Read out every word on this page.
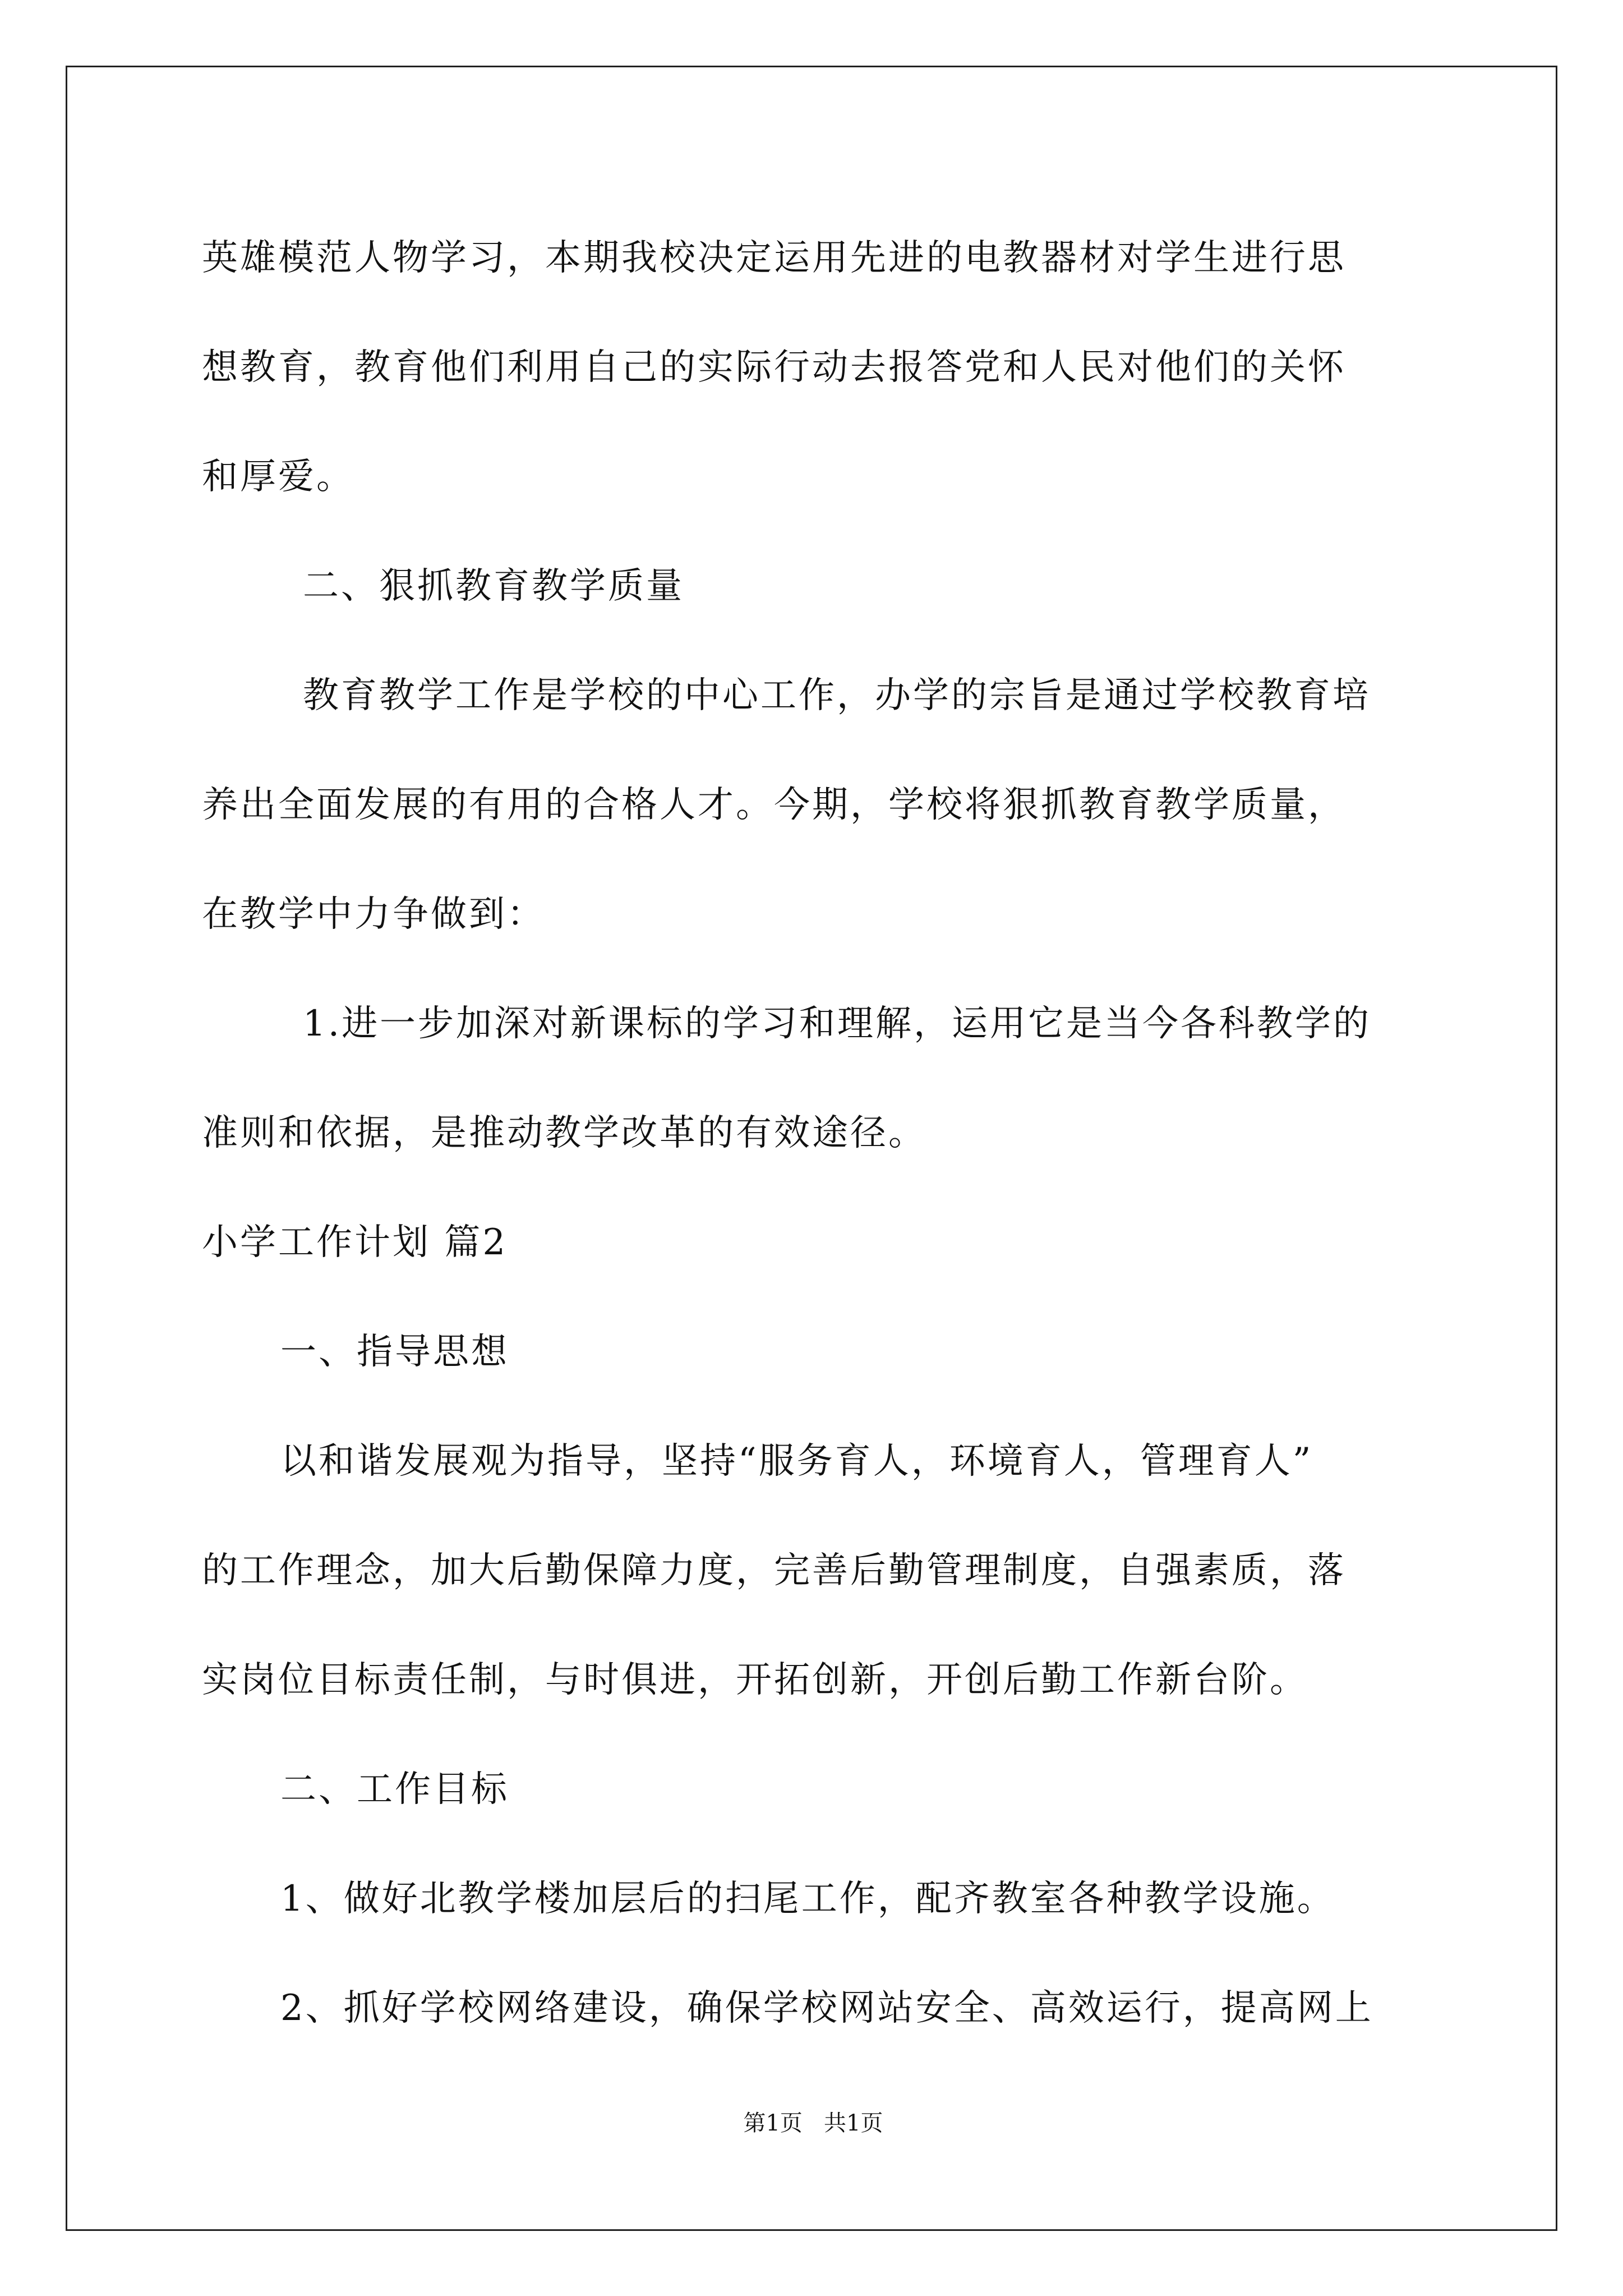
英雄模范人物学习，本期我校决定运用先进的电教器材对学生进行思
想教育，教育他们利用自己的实际行动去报答党和人民对他们的关怀
和厚爱。
二、狠抓教育教学质量
教育教学工作是学校的中心工作，办学的宗旨是通过学校教育培
养出全面发展的有用的合格人才。今期，学校将狠抓教育教学质量，
在教学中力争做到：
1.进一步加深对新课标的学习和理解，运用它是当今各科教学的
准则和依据，是推动教学改革的有效途径。
小学工作计划 篇2
一、指导思想
以和谐发展观为指导，坚持“服务育人，环境育人，管理育人”
的工作理念，加大后勤保障力度，完善后勤管理制度，自强素质，落
实岗位目标责任制，与时俱进，开拓创新，开创后勤工作新台阶。
二、工作目标
1、做好北教学楼加层后的扫尾工作，配齐教室各种教学设施。
2、抓好学校网络建设，确保学校网站安全、高效运行，提高网上
第1页   共1页
